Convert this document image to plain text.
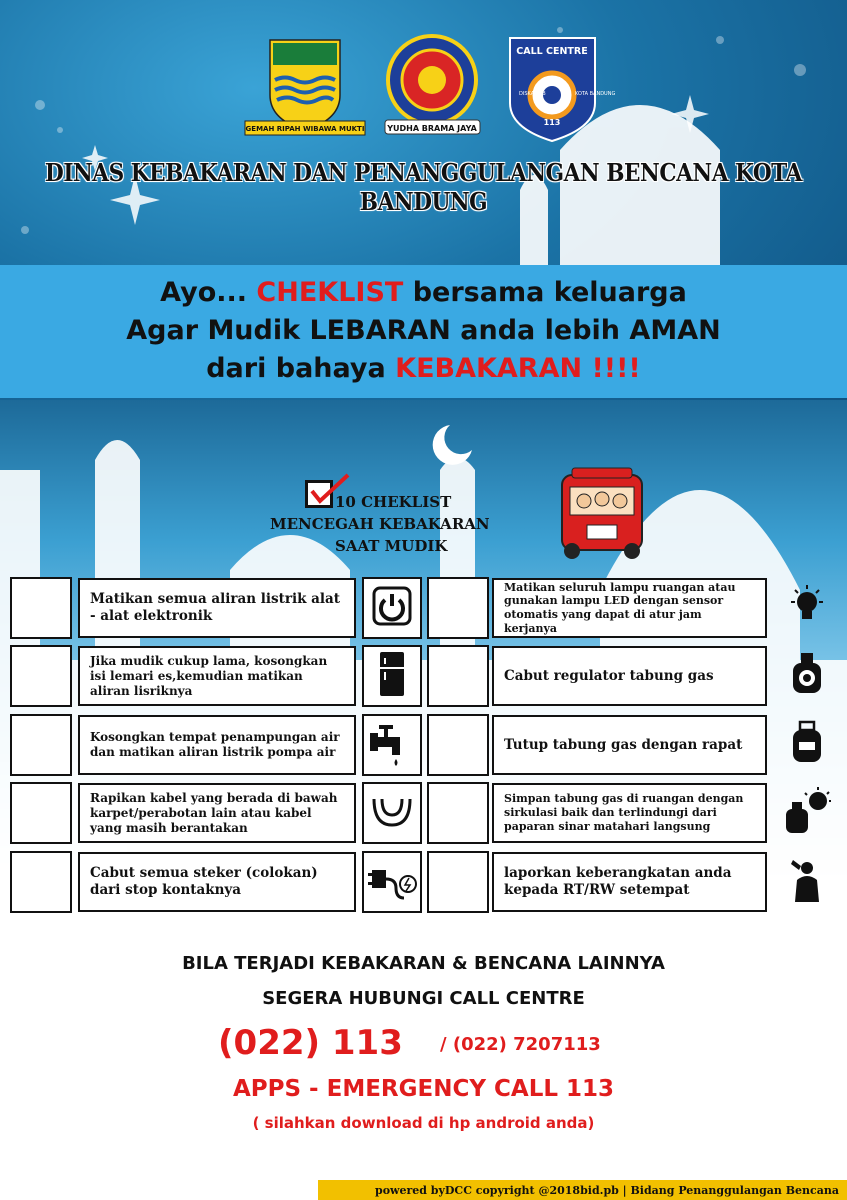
GEMAH RIPAH WIBAWA MUKTI	YUDHA BRAMA JAYA
CALL CENTRE
113
DISKAR PB	KOTA BANDUNG
DINAS KEBAKARAN DAN PENANGGULANGAN BENCANA KOTA BANDUNG
Ayo... CHEKLIST bersama keluarga
Agar Mudik LEBARAN anda lebih AMAN
dari bahaya KEBAKARAN !!!!
10 CHEKLIST
MENCEGAH KEBAKARAN
SAAT MUDIK
Matikan semua aliran listrik alat - alat elektronik
Jika mudik cukup lama, kosongkan isi lemari es,kemudian matikan aliran lisriknya
Kosongkan tempat penampungan air dan matikan aliran listrik pompa air
Rapikan kabel yang berada di bawah karpet/perabotan lain atau kabel yang masih berantakan
Cabut semua steker (colokan) dari stop kontaknya
Matikan seluruh lampu ruangan atau gunakan lampu LED dengan sensor otomatis yang dapat di atur jam kerjanya
Cabut regulator tabung gas
Tutup tabung gas dengan rapat
Simpan tabung gas di ruangan dengan sirkulasi baik dan terlindungi dari paparan sinar matahari langsung
laporkan keberangkatan anda kepada RT/RW setempat
BILA TERJADI KEBAKARAN & BENCANA LAINNYA
SEGERA HUBUNGI CALL CENTRE
(022) 113 / (022) 7207113
APPS - EMERGENCY CALL 113
( silahkan download di hp android anda)
powered byDCC copyright @2018bid.pb | Bidang Penanggulangan Bencana
